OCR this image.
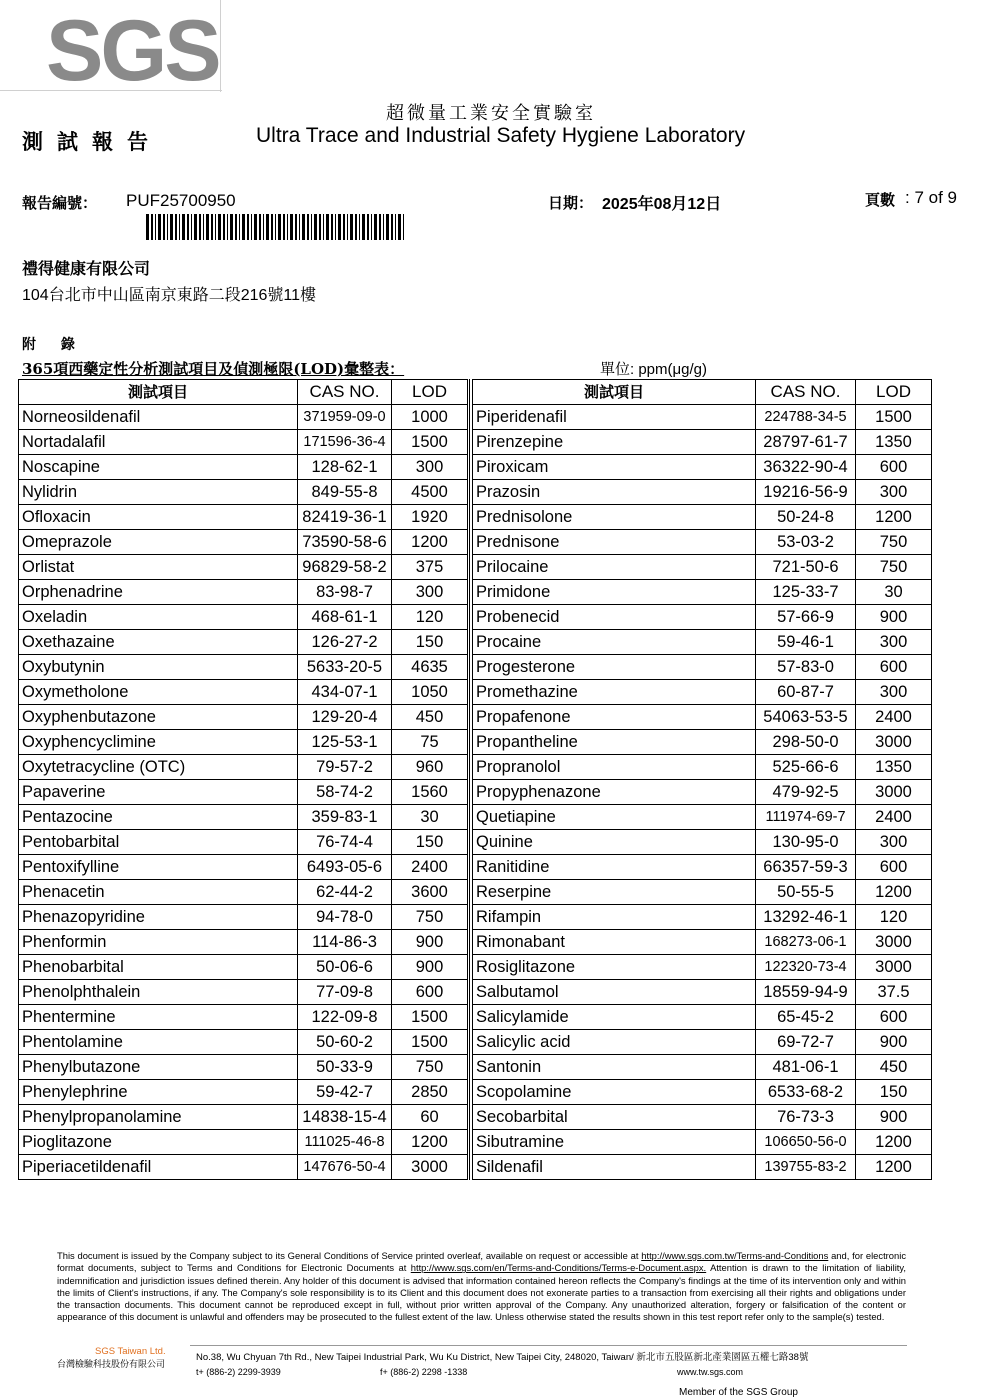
SGS
超微量工業安全實驗室
測試報告	Ultra Trace and Industrial Safety Hygiene Laboratory
報告編號： PUF25700950	日期： 2025年08月12日	頁數 : 7 of 9
禮得健康有限公司
104台北市中山區南京東路二段216號11樓
附 錄
365項西藥定性分析測試項目及偵測極限(LOD)彙整表：	單位: ppm(μg/g)
測試項目	CAS NO.	LOD		測試項目	CAS NO.	LOD
Norneosildenafil	371959-09-0	1000		Piperidenafil	224788-34-5	1500
Nortadalafil	171596-36-4	1500		Pirenzepine	28797-61-7	1350
Noscapine	128-62-1	300		Piroxicam	36322-90-4	600
Nylidrin	849-55-8	4500		Prazosin	19216-56-9	300
Ofloxacin	82419-36-1	1920		Prednisolone	50-24-8	1200
Omeprazole	73590-58-6	1200		Prednisone	53-03-2	750
Orlistat	96829-58-2	375		Prilocaine	721-50-6	750
Orphenadrine	83-98-7	300		Primidone	125-33-7	30
Oxeladin	468-61-1	120		Probenecid	57-66-9	900
Oxethazaine	126-27-2	150		Procaine	59-46-1	300
Oxybutynin	5633-20-5	4635		Progesterone	57-83-0	600
Oxymetholone	434-07-1	1050		Promethazine	60-87-7	300
Oxyphenbutazone	129-20-4	450		Propafenone	54063-53-5	2400
Oxyphencyclimine	125-53-1	75		Propantheline	298-50-0	3000
Oxytetracycline (OTC)	79-57-2	960		Propranolol	525-66-6	1350
Papaverine	58-74-2	1560		Propyphenazone	479-92-5	3000
Pentazocine	359-83-1	30		Quetiapine	111974-69-7	2400
Pentobarbital	76-74-4	150		Quinine	130-95-0	300
Pentoxifylline	6493-05-6	2400		Ranitidine	66357-59-3	600
Phenacetin	62-44-2	3600		Reserpine	50-55-5	1200
Phenazopyridine	94-78-0	750		Rifampin	13292-46-1	120
Phenformin	114-86-3	900		Rimonabant	168273-06-1	3000
Phenobarbital	50-06-6	900		Rosiglitazone	122320-73-4	3000
Phenolphthalein	77-09-8	600		Salbutamol	18559-94-9	37.5
Phentermine	122-09-8	1500		Salicylamide	65-45-2	600
Phentolamine	50-60-2	1500		Salicylic acid	69-72-7	900
Phenylbutazone	50-33-9	750		Santonin	481-06-1	450
Phenylephrine	59-42-7	2850		Scopolamine	6533-68-2	150
Phenylpropanolamine	14838-15-4	60		Secobarbital	76-73-3	900
Pioglitazone	111025-46-8	1200		Sibutramine	106650-56-0	1200
Piperiacetildenafil	147676-50-4	3000		Sildenafil	139755-83-2	1200
This document is issued by the Company subject to its General Conditions of Service printed overleaf, available on request or accessible at http://www.sgs.com.tw/Terms-and-Conditions and, for electronic format documents, subject to Terms and Conditions for Electronic Documents at http://www.sgs.com/en/Terms-and-Conditions/Terms-e-Document.aspx. Attention is drawn to the limitation of liability, indemnification and jurisdiction issues defined therein. Any holder of this document is advised that information contained hereon reflects the Company's findings at the time of its intervention only and within the limits of Client's instructions, if any. The Company's sole responsibility is to its Client and this document does not exonerate parties to a transaction from exercising all their rights and obligations under the transaction documents. This document cannot be reproduced except in full, without prior written approval of the Company. Any unauthorized alteration, forgery or falsification of the content or appearance of this document is unlawful and offenders may be prosecuted to the fullest extent of the law. Unless otherwise stated the results shown in this test report refer only to the sample(s) tested.
SGS Taiwan Ltd.
台灣檢驗科技股份有限公司
No.38, Wu Chyuan 7th Rd., New Taipei Industrial Park, Wu Ku District, New Taipei City, 248020, Taiwan/ 新北市五股區新北產業園區五權七路38號
t+ (886-2) 2299-3939	f+ (886-2) 2298 -1338	www.tw.sgs.com
Member of the SGS Group
